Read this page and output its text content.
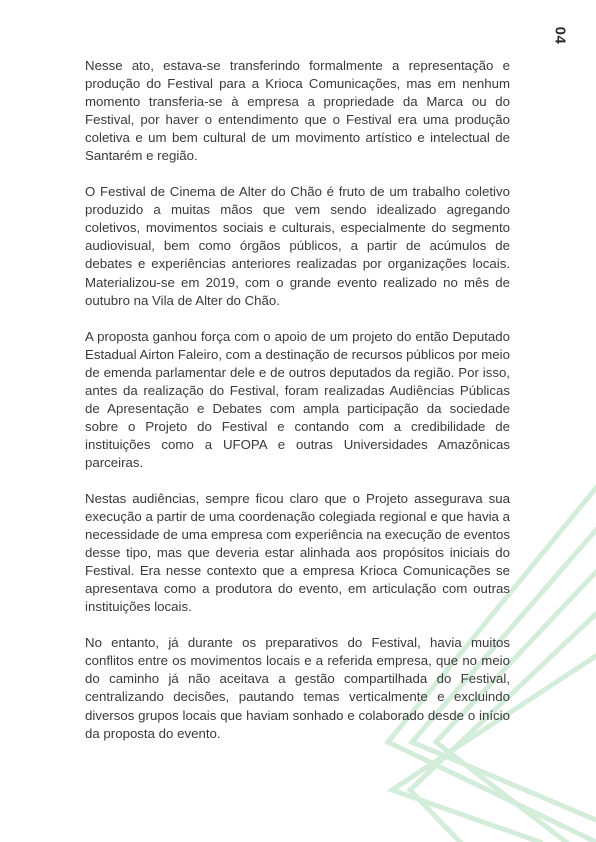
04

Nesse ato, estava-se transferindo formalmente a representação e produção do Festival para a Krioca Comunicações, mas em nenhum momento transferia-se à empresa a propriedade da Marca ou do Festival, por haver o entendimento que o Festival era uma produção coletiva e um bem cultural de um movimento artístico e intelectual de Santarém e região.

O Festival de Cinema de Alter do Chão é fruto de um trabalho coletivo produzido a muitas mãos que vem sendo idealizado agregando coletivos, movimentos sociais e culturais, especialmente do segmento audiovisual, bem como órgãos públicos, a partir de acúmulos de debates e experiências anteriores realizadas por organizações locais. Materializou-se em 2019, com o grande evento realizado no mês de outubro na Vila de Alter do Chão.

A proposta ganhou força com o apoio de um projeto do então Deputado Estadual Airton Faleiro, com a destinação de recursos públicos por meio de emenda parlamentar dele e de outros deputados da região. Por isso, antes da realização do Festival, foram realizadas Audiências Públicas de Apresentação e Debates com ampla participação da sociedade sobre o Projeto do Festival e contando com a credibilidade de instituições como a UFOPA e outras Universidades Amazônicas parceiras.

Nestas audiências, sempre ficou claro que o Projeto assegurava sua execução a partir de uma coordenação colegiada regional e que havia a necessidade de uma empresa com experiência na execução de eventos desse tipo, mas que deveria estar alinhada aos propósitos iniciais do Festival. Era nesse contexto que a empresa Krioca Comunicações se apresentava como a produtora do evento, em articulação com outras instituições locais.

No entanto, já durante os preparativos do Festival, havia muitos conflitos entre os movimentos locais e a referida empresa, que no meio do caminho já não aceitava a gestão compartilhada do Festival, centralizando decisões, pautando temas verticalmente e excluindo diversos grupos locais que haviam sonhado e colaborado desde o início da proposta do evento.
